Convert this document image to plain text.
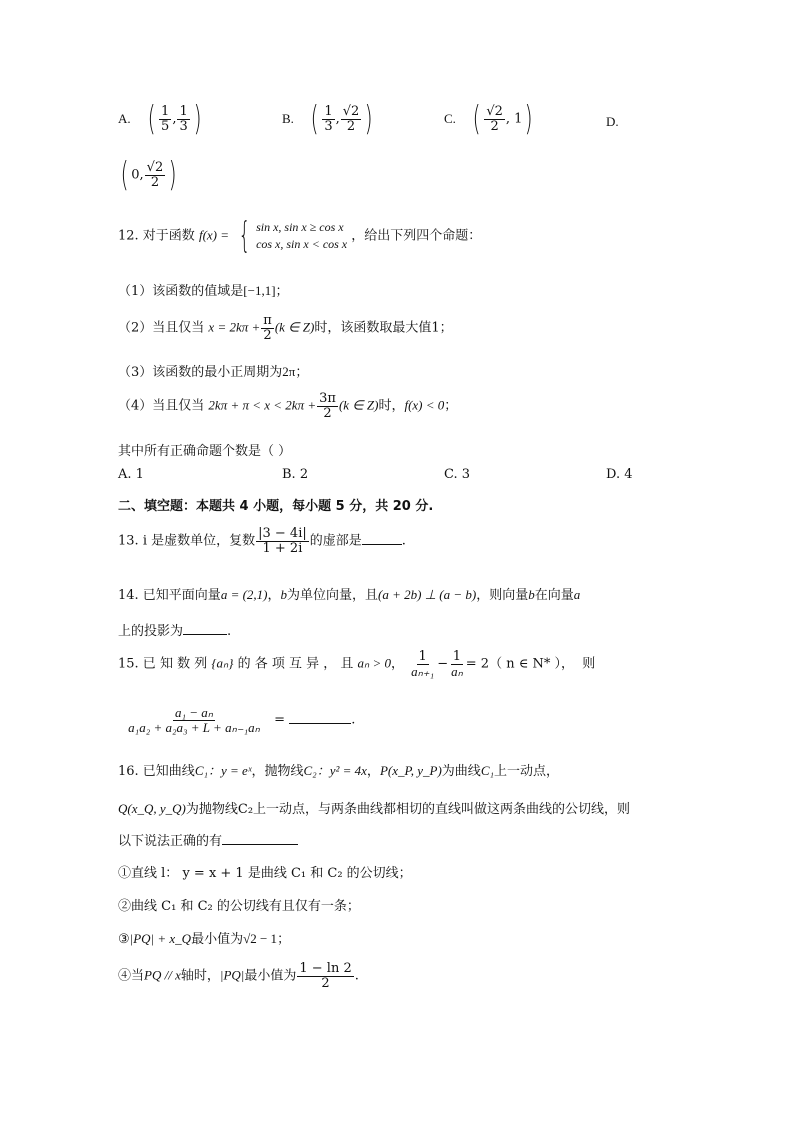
A. ( $\frac{1}{5}$ , $\frac{1}{3}$ )	B. ( $\frac{1}{3}$ , $\frac{√2}{2}$ )	C. ( $\frac{√2}{2}$ , 1)	D.
( 0, $\frac{√2}{2}$ )
12. 对于函数 f(x) = { sin x, sin x ≥ cos x
cos x, sin x < cos x
，给出下列四个命题：
（1）该函数的值域是[−1,1]；
（2）当且仅当 $x = 2k\pi + \frac{\pi}{2} (k$ ∈ Z)时，该函数取最大值1；
（3）该函数的最小正周期为2π；
（4）当且仅当 $2k\pi + \pi < x < 2k\pi + \frac{3\pi}{2} (k$ ∈ Z)时，f(x) < 0；
其中所有正确命题个数是（ ）
A. 1	B. 2	C. 3	D. 4
二、填空题：本题共 4 小题，每小题 5 分，共 20 分.
13. i 是虚数单位，复数 $\frac{|3 - 4i|}{1 + 2i}$ 的虚部是	.
14. 已知平面向量a = (2,1)，b为单位向量，且(a + 2b) ⊥ (a − b)，则向量b在向量a
上的投影为	.
15. 已 知 数 列 {aₙ} 的 各 项 互 异 ， 且 aₙ > 0， $\frac{1}{\text{aₙ₊₁}} - \frac{1}{\text{aₙ}} = 2$（ n ∈ N* ）， 则
$\frac{\text{a₁ − aₙ}}{\text{a₁a₂ + a₂a₃ + L + aₙ₋₁aₙ}}$ =	.
16. 已知曲线C₁：y = eˣ，抛物线C₂：y² = 4x，P(x_P, y_P)为曲线C₁上一动点，
Q(x_Q, y_Q)为抛物线C₂上一动点，与两条曲线都相切的直线叫做这两条曲线的公切线，则
以下说法正确的有
①直线 l： y = x + 1 是曲线 C₁ 和 C₂ 的公切线；
②曲线 C₁ 和 C₂ 的公切线有且仅有一条；
③|PQ| + x_Q最小值为√2 − 1；
④当PQ // x轴时，|PQ|最小值为 $\frac{1 - \ln 2}{2}$ .
